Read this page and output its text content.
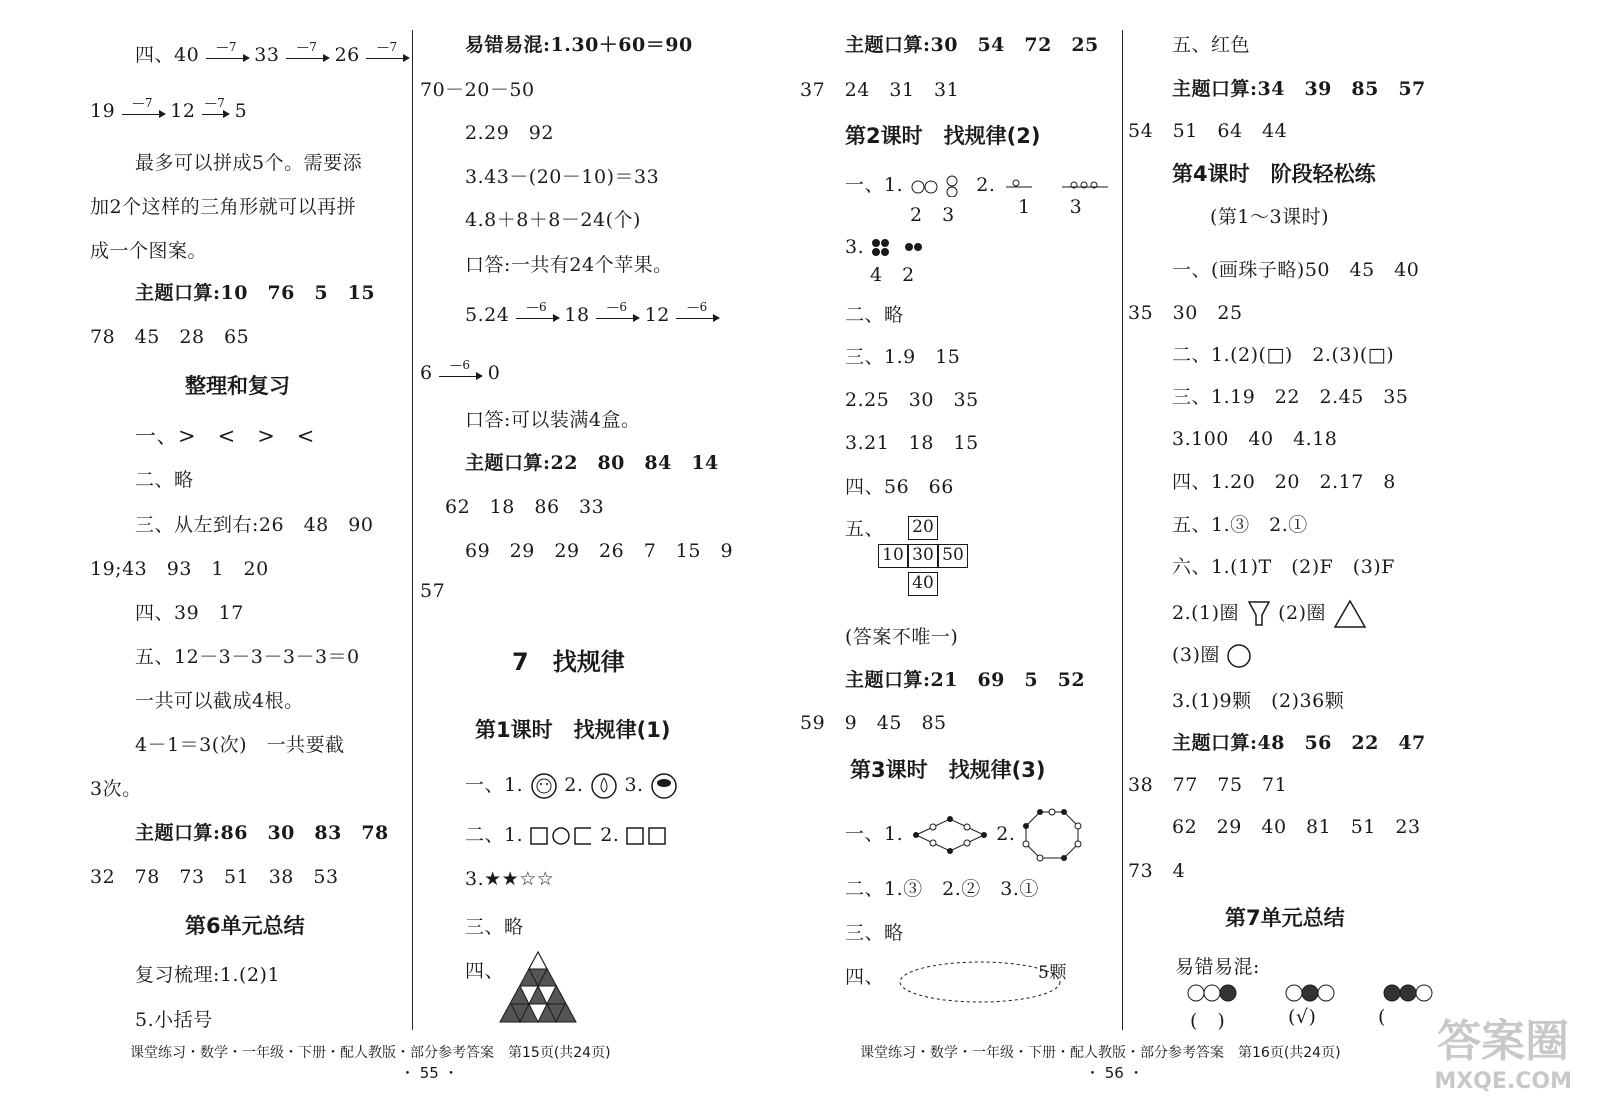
四、40	—7 33	—7 26	—7
19	—7 12 —7 5
最多可以拼成5个。需要添
加2个这样的三角形就可以再拼
成一个图案。
主题口算:10　76　5　15
78　45　28　65
整理和复习
一、>　<　>　<
二、略
三、从左到右:26　48　90
19;43　93　1　20
四、39　17
五、12－3－3－3－3＝0
一共可以截成4根。
4－1＝3(次)　一共要截
3次。
主题口算:86　30　83　78
32　78　73　51　38　53
第6单元总结
复习梳理:1.(2)1
5.小括号
易错易混:1.30＋60＝90
70－20－50
2.29　92
3.43－(20－10)＝33
4.8＋8＋8－24(个)
口答:一共有24个苹果。
5.24	—6 18	—6 12	—6
6	—6 0
口答:可以装满4盒。
主题口算:22　80　84　14
62　18　86　33
69　29　29　26　7　15　9
57
7　找规律
第1课时　找规律(1)
一、1. 2. 3.
二、1.	2.
3.★★☆☆
三、略
四、
课堂练习・数学・一年级・下册・配人教版・部分参考答案　第15页(共24页)
・ 55 ・
主题口算:30　54　72　25
37　24　31　31
第2课时　找规律(2)
一、1.	2.
2　3	1　　3
3.
4　2
二、略
三、1.9　15
2.25　30　35
3.21　18　15
四、56　66
五、 20
10 30 50
40
(答案不唯一)
主题口算:21　69　5　52
59　9　45　85
第3课时　找规律(3)
一、1.	2.
二、1.③　2.②　3.①
三、略
四、	5颗
五、红色
主题口算:34　39　85　57
54　51　64　44
第4课时　阶段轻松练
(第1～3课时)
一、(画珠子略)50　45　40
35　30　25
二、1.(2)(□)　2.(3)(□)
三、1.19　22　2.45　35
3.100　40　4.18
四、1.20　20　2.17　8
五、1.③　2.①
六、1.(1)T　(2)F　(3)F
2.(1)圈 (2)圈
(3)圈
3.(1)9颗　(2)36颗
主题口算:48　56　22　47
38　77　75　71
62　29　40　81　51　23
73　4
第7单元总结
易错易混:
(　)	(√)	(
课堂练习・数学・一年级・下册・配人教版・部分参考答案　第16页(共24页)
・ 56 ・
答案圈
MXQE.COM
